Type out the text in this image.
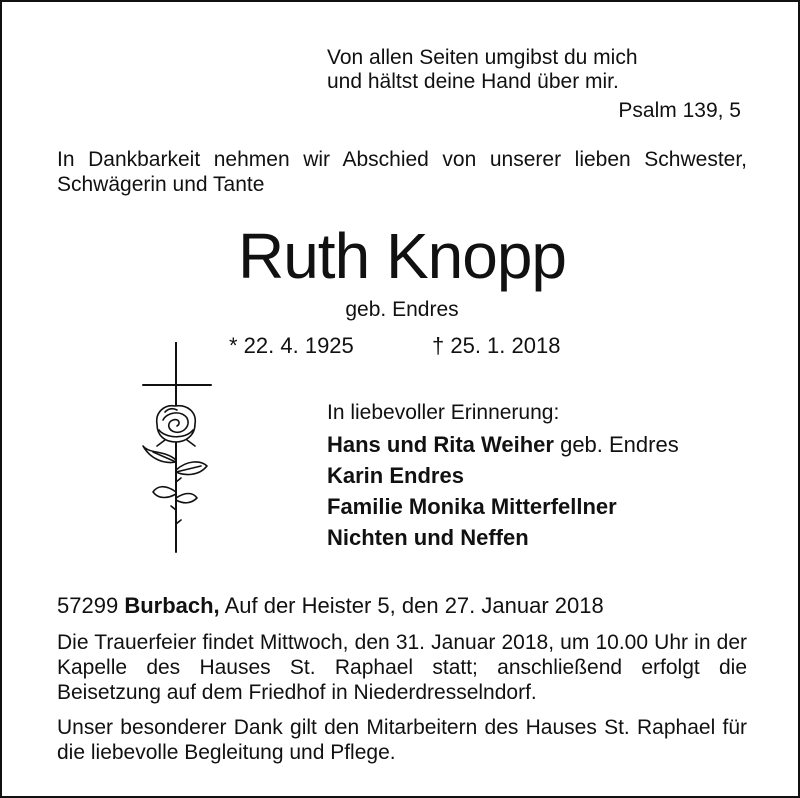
Von allen Seiten umgibst du mich
und hältst deine Hand über mir.
Psalm 139, 5
In Dankbarkeit nehmen wir Abschied von unserer lieben Schwester, Schwägerin und Tante
Ruth Knopp
geb. Endres
* 22. 4. 1925	† 25. 1. 2018
In liebevoller Erinnerung:
Hans und Rita Weiher geb. Endres
Karin Endres
Familie Monika Mitterfellner
Nichten und Neffen
57299 Burbach, Auf der Heister 5, den 27. Januar 2018
Die Trauerfeier findet Mittwoch, den 31. Januar 2018, um 10.00 Uhr in der Kapelle des Hauses St. Raphael statt; anschließend erfolgt die Beisetzung auf dem Friedhof in Niederdresselndorf.
Unser besonderer Dank gilt den Mitarbeitern des Hauses St. Raphael für die liebevolle Begleitung und Pflege.
